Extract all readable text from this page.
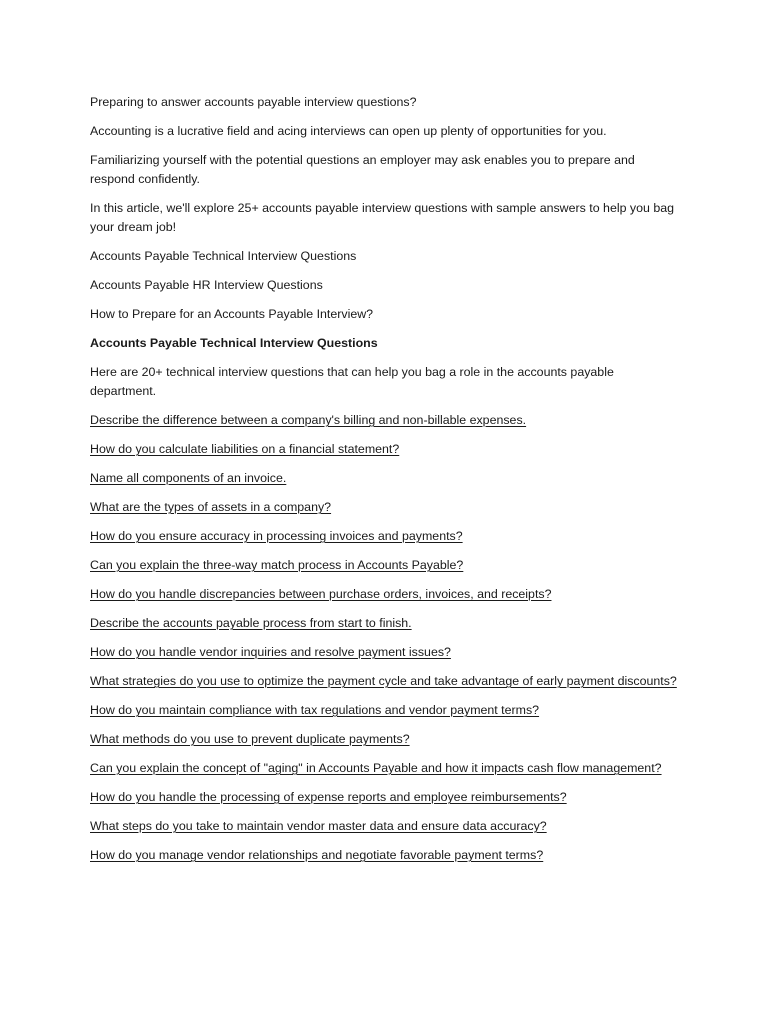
Preparing to answer accounts payable interview questions?

Accounting is a lucrative field and acing interviews can open up plenty of opportunities for you.

Familiarizing yourself with the potential questions an employer may ask enables you to prepare and respond confidently.

In this article, we'll explore 25+ accounts payable interview questions with sample answers to help you bag your dream job!

Accounts Payable Technical Interview Questions

Accounts Payable HR Interview Questions

How to Prepare for an Accounts Payable Interview?

Accounts Payable Technical Interview Questions

Here are 20+ technical interview questions that can help you bag a role in the accounts payable department.

Describe the difference between a company's billing and non-billable expenses.

How do you calculate liabilities on a financial statement?

Name all components of an invoice.

What are the types of assets in a company?

How do you ensure accuracy in processing invoices and payments?

Can you explain the three-way match process in Accounts Payable?

How do you handle discrepancies between purchase orders, invoices, and receipts?

Describe the accounts payable process from start to finish.

How do you handle vendor inquiries and resolve payment issues?

What strategies do you use to optimize the payment cycle and take advantage of early payment discounts?

How do you maintain compliance with tax regulations and vendor payment terms?

What methods do you use to prevent duplicate payments?

Can you explain the concept of "aging" in Accounts Payable and how it impacts cash flow management?

How do you handle the processing of expense reports and employee reimbursements?

What steps do you take to maintain vendor master data and ensure data accuracy?

How do you manage vendor relationships and negotiate favorable payment terms?
